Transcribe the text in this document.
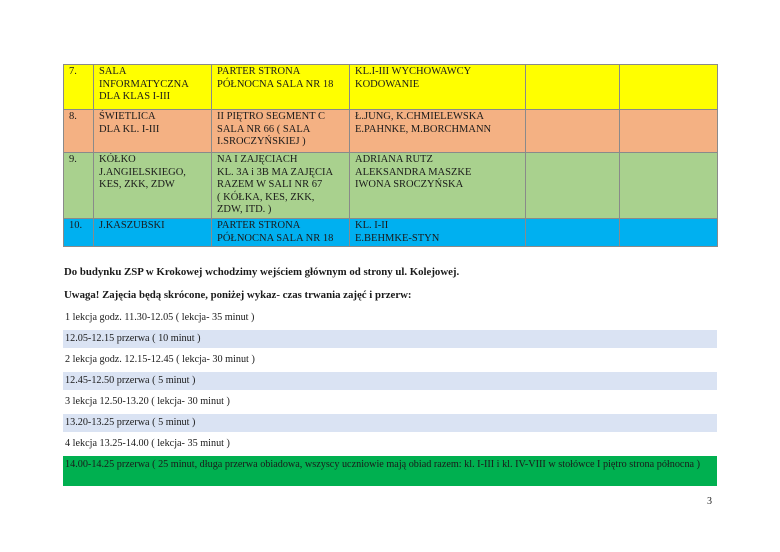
7.	SALA
INFORMATYCZNA
DLA KLAS I-III	PARTER STRONA
PÓŁNOCNA SALA NR 18	KL.I-III WYCHOWAWCY
KODOWANIE		

8.	ŚWIETLICA
DLA KL. I-III	II PIĘTRO SEGMENT C
SALA NR 66 ( SALA
I.SROCZYŃSKIEJ )	Ł.JUNG, K.CHMIELEWSKA
E.PAHNKE, M.BORCHMANN		

9.	KÓŁKO
J.ANGIELSKIEGO,
KES, ZKK, ZDW	NA I ZAJĘCIACH
KL. 3A i 3B MA ZAJĘCIA
RAZEM W SALI NR 67
( KÓŁKA, KES, ZKK,
ZDW, ITD. )	ADRIANA RUTZ
ALEKSANDRA MASZKE
IWONA SROCZYŃSKA		

10.	J.KASZUBSKI	PARTER STRONA
PÓŁNOCNA SALA NR 18	KL. I-II
E.BEHMKE-STYN		

Do budynku ZSP w Krokowej wchodzimy wejściem głównym od strony ul. Kolejowej.
Uwaga! Zajęcia będą skrócone, poniżej wykaz- czas trwania zajęć i przerw:
1 lekcja godz. 11.30-12.05 ( lekcja- 35 minut )
12.05-12.15 przerwa ( 10 minut )
2 lekcja godz. 12.15-12.45 ( lekcja- 30 minut )
12.45-12.50 przerwa ( 5 minut )
3 lekcja 12.50-13.20 ( lekcja- 30 minut )
13.20-13.25 przerwa ( 5 minut )
4 lekcja 13.25-14.00 ( lekcja- 35 minut )
14.00-14.25 przerwa ( 25 minut, długa przerwa obiadowa, wszyscy uczniowie mają obiad razem: kl. I-III i kl. IV-VIII w stołówce I piętro strona północna )
3
